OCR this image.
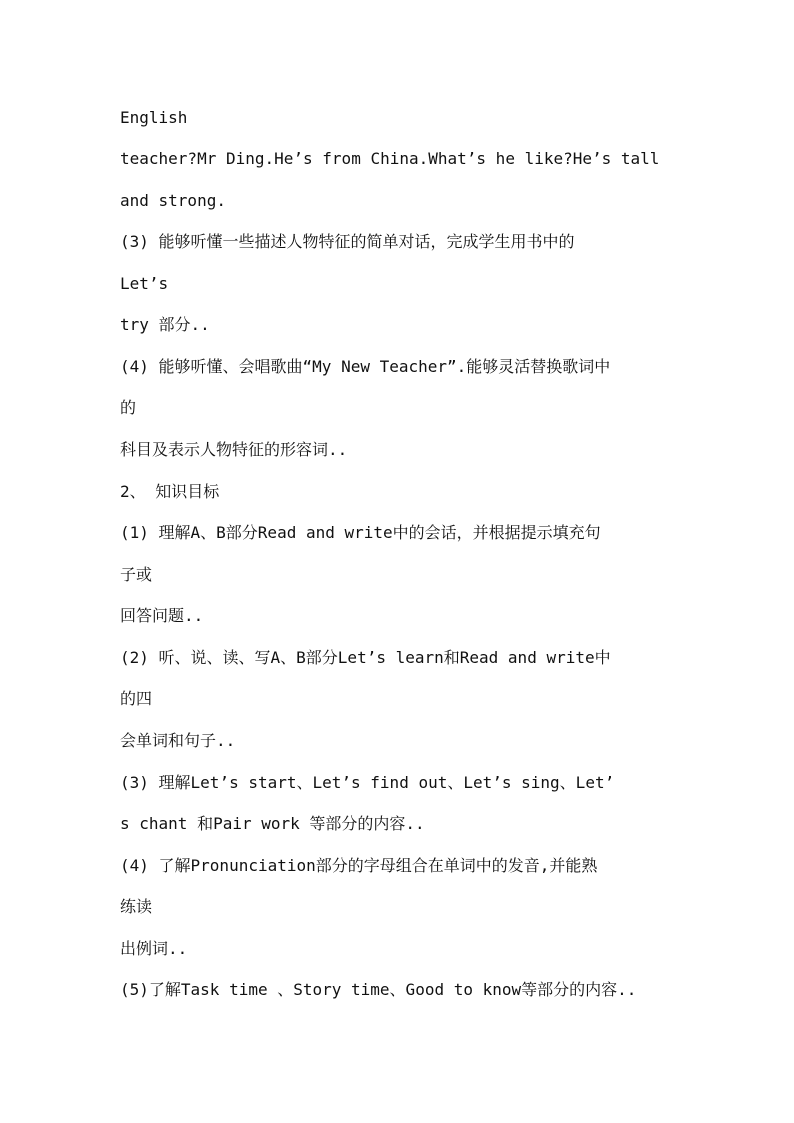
English
teacher?Mr Ding.He’s from China.What’s he like?He’s tall
and strong.
(3) 能够听懂一些描述人物特征的简单对话，完成学生用书中的
Let’s
try 部分..
(4) 能够听懂、会唱歌曲“My New Teacher”.能够灵活替换歌词中
的
科目及表示人物特征的形容词..
2、 知识目标
(1) 理解A、B部分Read and write中的会话，并根据提示填充句
子或
回答问题..
(2) 听、说、读、写A、B部分Let’s learn和Read and write中
的四
会单词和句子..
(3) 理解Let’s start、Let’s find out、Let’s sing、Let’
s chant 和Pair work 等部分的内容..
(4) 了解Pronunciation部分的字母组合在单词中的发音,并能熟
练读
出例词..
(5)了解Task time 、Story time、Good to know等部分的内容..
